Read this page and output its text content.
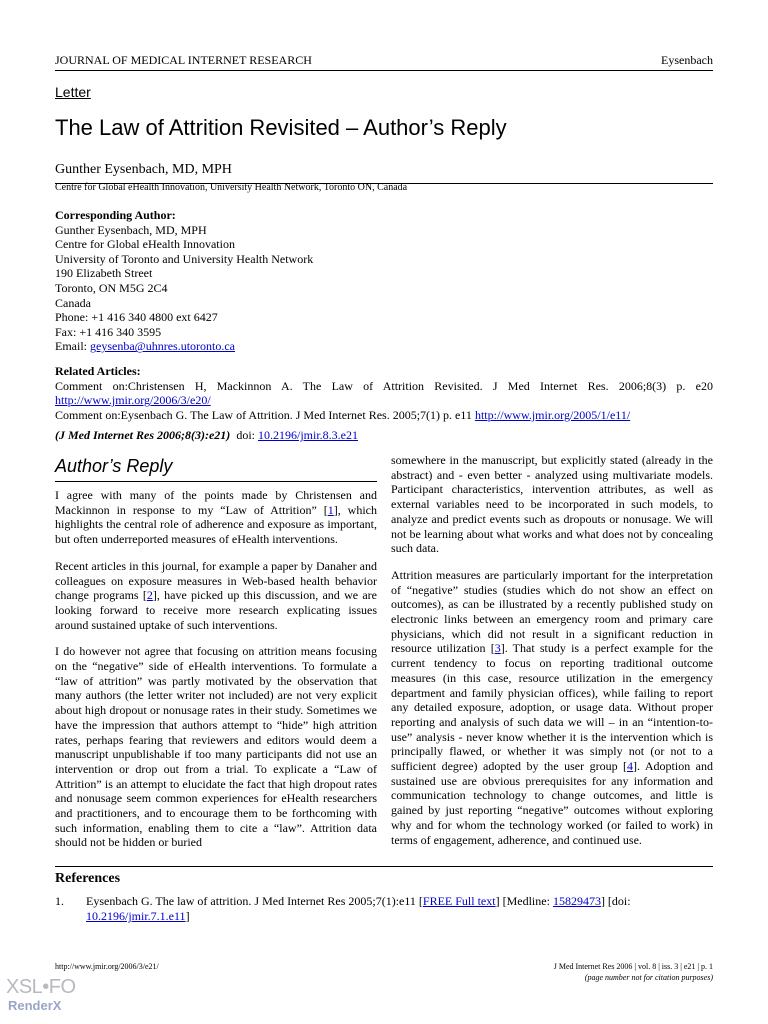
JOURNAL OF MEDICAL INTERNET RESEARCH	Eysenbach
Letter
The Law of Attrition Revisited – Author’s Reply
Gunther Eysenbach, MD, MPH
Centre for Global eHealth Innovation, University Health Network, Toronto ON, Canada
Corresponding Author:
Gunther Eysenbach, MD, MPH
Centre for Global eHealth Innovation
University of Toronto and University Health Network
190 Elizabeth Street
Toronto, ON M5G 2C4
Canada
Phone: +1 416 340 4800 ext 6427
Fax: +1 416 340 3595
Email: geysenba@uhnres.utoronto.ca
Related Articles:
Comment on:Christensen H, Mackinnon A. The Law of Attrition Revisited. J Med Internet Res. 2006;8(3) p. e20
http://www.jmir.org/2006/3/e20/
Comment on:Eysenbach G. The Law of Attrition. J Med Internet Res. 2005;7(1) p. e11 http://www.jmir.org/2005/1/e11/
(J Med Internet Res 2006;8(3):e21)  doi: 10.2196/jmir.8.3.e21
Author’s Reply

I agree with many of the points made by Christensen and Mackinnon in response to my “Law of Attrition” [1], which highlights the central role of adherence and exposure as important, but often underreported measures of eHealth interventions.

Recent articles in this journal, for example a paper by Danaher and colleagues on exposure measures in Web-based health behavior change programs [2], have picked up this discussion, and we are looking forward to receive more research explicating issues around sustained uptake of such interventions.

I do however not agree that focusing on attrition means focusing on the “negative” side of eHealth interventions. To formulate a “law of attrition” was partly motivated by the observation that many authors (the letter writer not included) are not very explicit about high dropout or nonusage rates in their study. Sometimes we have the impression that authors attempt to “hide” high attrition rates, perhaps fearing that reviewers and editors would deem a manuscript unpublishable if too many participants did not use an intervention or drop out from a trial. To explicate a “Law of Attrition” is an attempt to elucidate the fact that high dropout rates and nonusage seem common experiences for eHealth researchers and practitioners, and to encourage them to be forthcoming with such information, enabling them to cite a “law”. Attrition data should not be hidden or buried

somewhere in the manuscript, but explicitly stated (already in the abstract) and - even better - analyzed using multivariate models. Participant characteristics, intervention attributes, as well as external variables need to be incorporated in such models, to analyze and predict events such as dropouts or nonusage. We will not be learning about what works and what does not by concealing such data.

Attrition measures are particularly important for the interpretation of “negative” studies (studies which do not show an effect on outcomes), as can be illustrated by a recently published study on electronic links between an emergency room and primary care physicians, which did not result in a significant reduction in resource utilization [3]. That study is a perfect example for the current tendency to focus on reporting traditional outcome measures (in this case, resource utilization in the emergency department and family physician offices), while failing to report any detailed exposure, adoption, or usage data. Without proper reporting and analysis of such data we will – in an “intention-to-use” analysis - never know whether it is the intervention which is principally flawed, or whether it was simply not (or not to a sufficient degree) adopted by the user group [4]. Adoption and sustained use are obvious prerequisites for any information and communication technology to change outcomes, and little is gained by just reporting “negative” outcomes without exploring why and for whom the technology worked (or failed to work) in terms of engagement, adherence, and continued use.

References
1. Eysenbach G. The law of attrition. J Med Internet Res 2005;7(1):e11 [FREE Full text] [Medline: 15829473] [doi: 10.2196/jmir.7.1.e11]
http://www.jmir.org/2006/3/e21/	J Med Internet Res 2006 | vol. 8 | iss. 3 | e21 | p. 1
(page number not for citation purposes)
XSL•FO
RenderX
